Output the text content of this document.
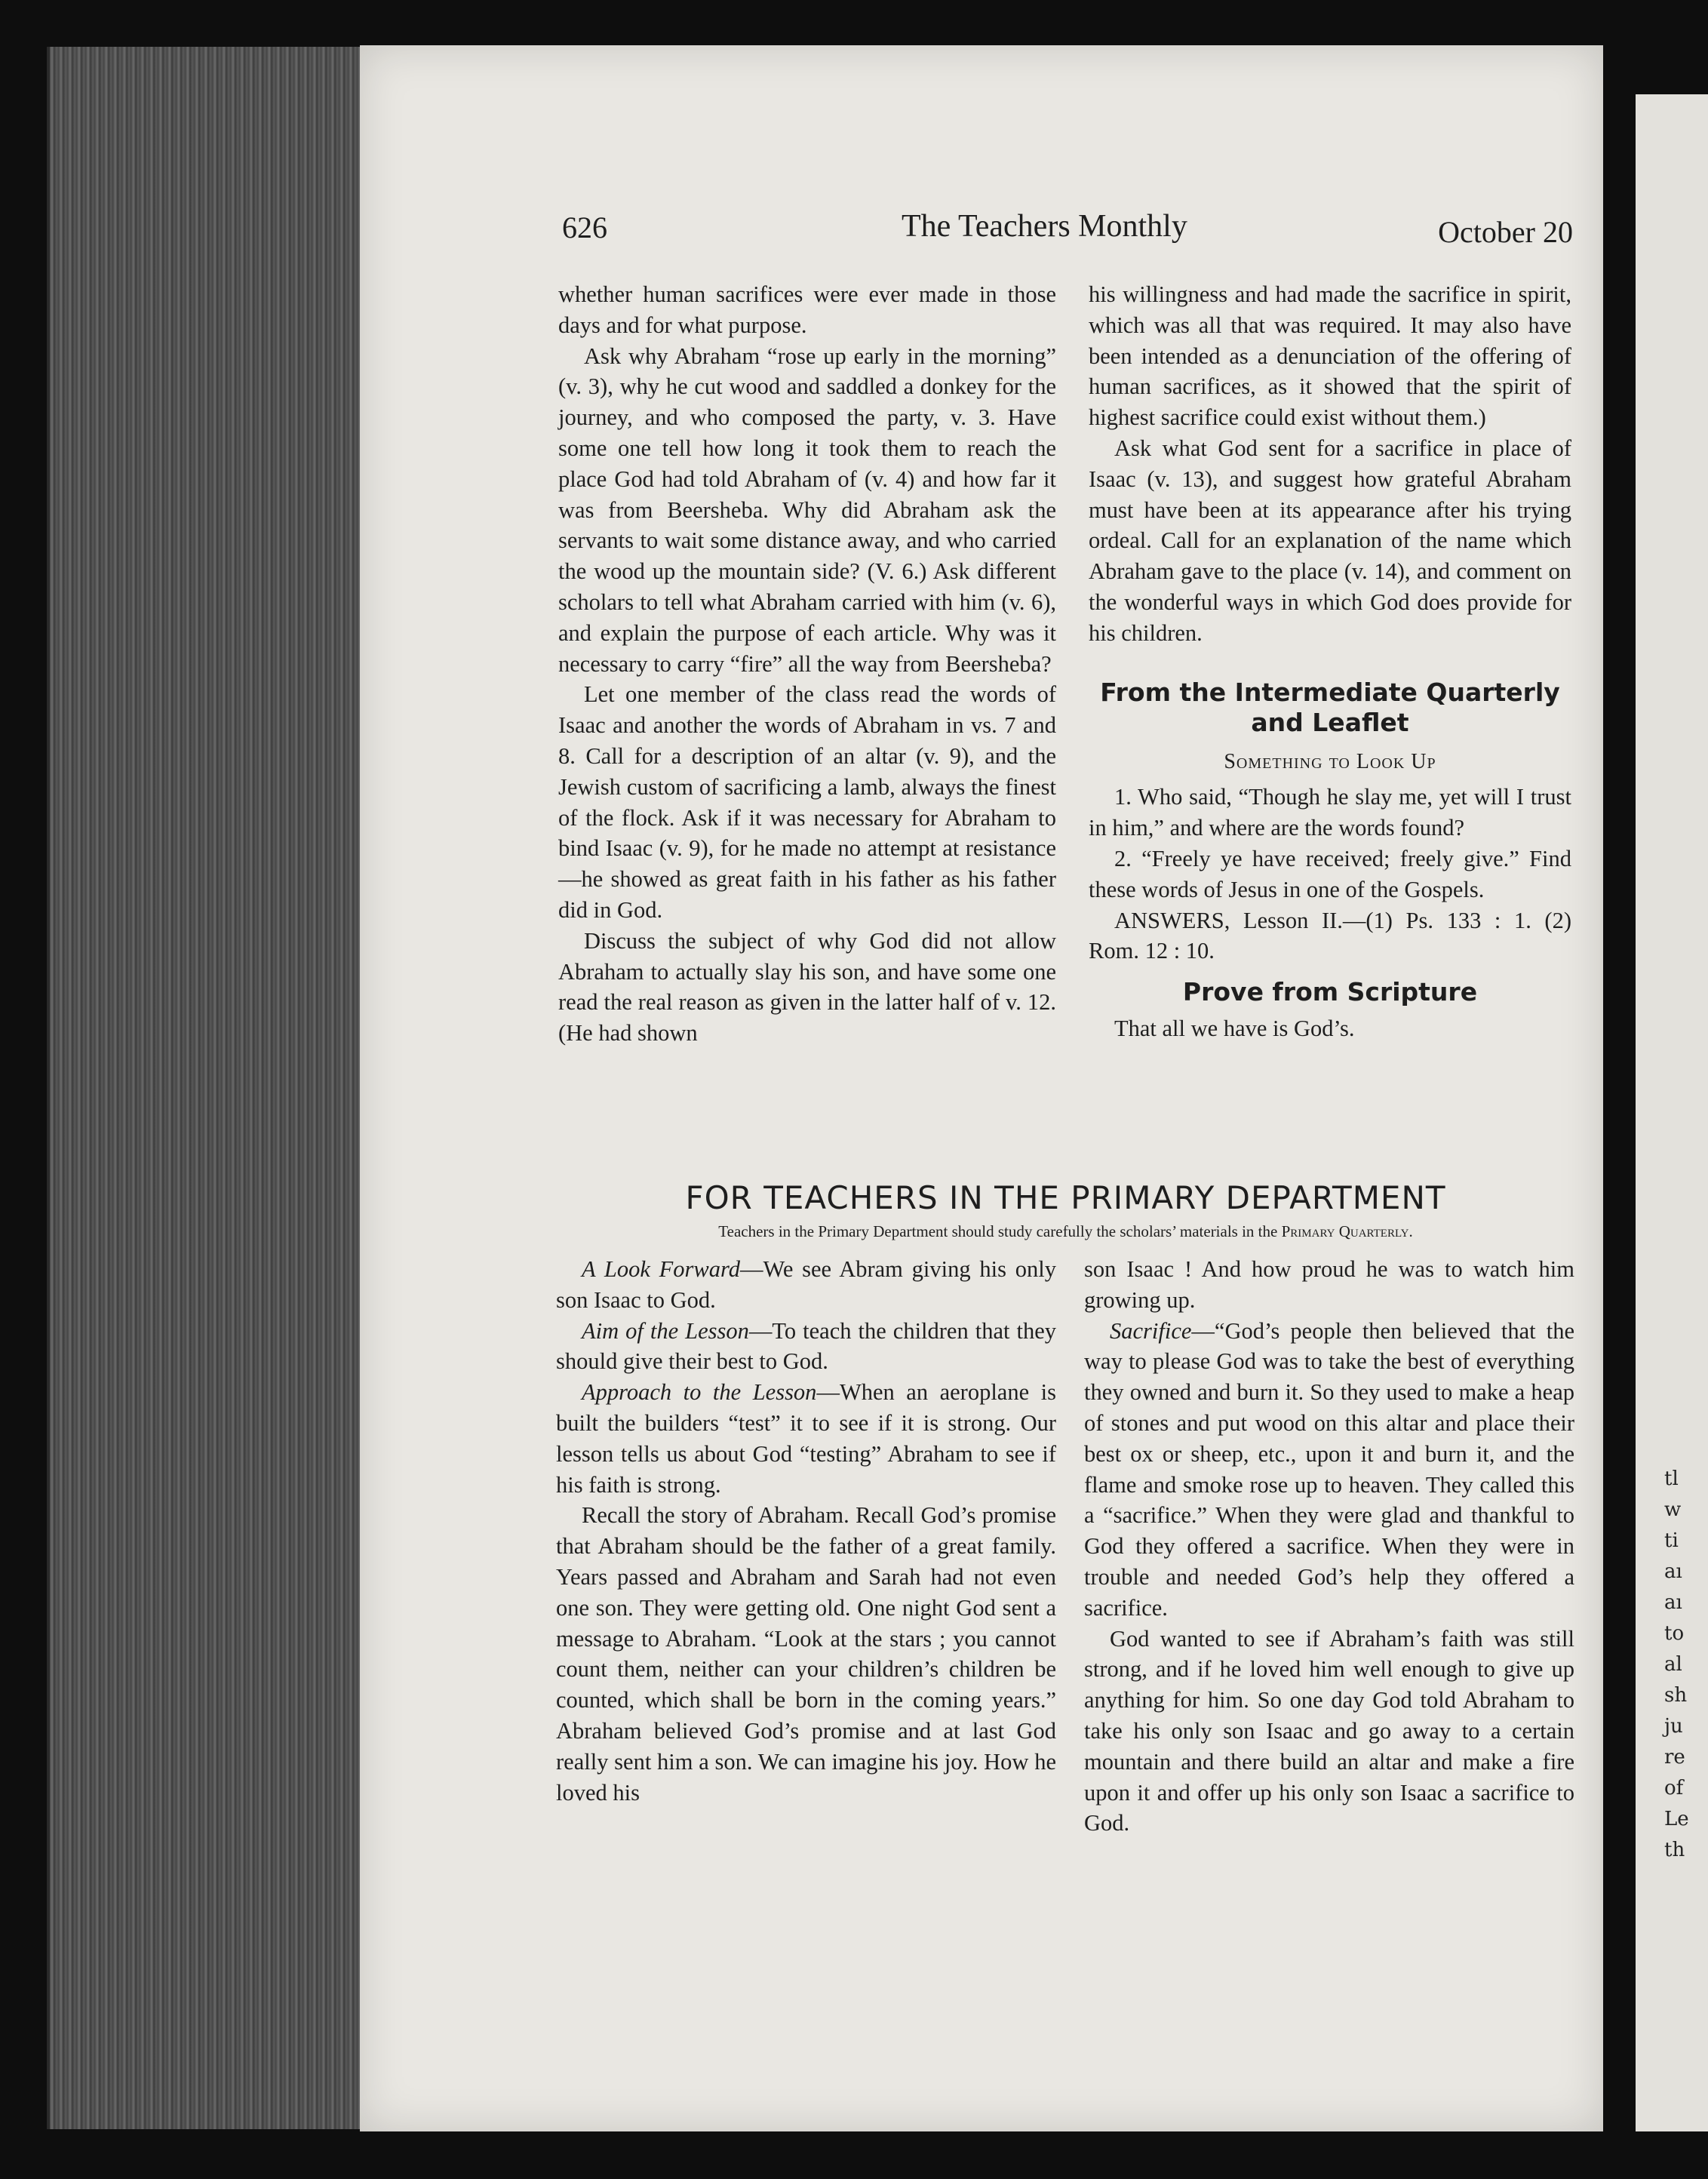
tl
w
ti
aı
aı
to
al
sh
ju
re
of
Le
th
626	The Teachers Monthly	October 20

whether human sacrifices were ever made in those days and for what purpose.

Ask why Abraham “rose up early in the morning” (v. 3), why he cut wood and saddled a donkey for the journey, and who composed the party, v. 3. Have some one tell how long it took them to reach the place God had told Abraham of (v. 4) and how far it was from Beersheba. Why did Abraham ask the servants to wait some distance away, and who carried the wood up the mountain side? (V. 6.) Ask different scholars to tell what Abraham carried with him (v. 6), and explain the purpose of each article. Why was it necessary to carry “fire” all the way from Beersheba?

Let one member of the class read the words of Isaac and another the words of Abraham in vs. 7 and 8. Call for a description of an altar (v. 9), and the Jewish custom of sacrificing a lamb, always the finest of the flock. Ask if it was necessary for Abraham to bind Isaac (v. 9), for he made no attempt at resistance—he showed as great faith in his father as his father did in God.

Discuss the subject of why God did not allow Abraham to actually slay his son, and have some one read the real reason as given in the latter half of v. 12. (He had shown

his willingness and had made the sacrifice in spirit, which was all that was required. It may also have been intended as a denunciation of the offering of human sacrifices, as it showed that the spirit of highest sacrifice could exist without them.)

Ask what God sent for a sacrifice in place of Isaac (v. 13), and suggest how grateful Abraham must have been at its appearance after his trying ordeal. Call for an explanation of the name which Abraham gave to the place (v. 14), and comment on the wonderful ways in which God does provide for his children.

From the Intermediate Quarterly and Leaflet
Something to Look Up

1. Who said, “Though he slay me, yet will I trust in him,” and where are the words found?

2. “Freely ye have received; freely give.” Find these words of Jesus in one of the Gospels.

ANSWERS, Lesson II.—(1) Ps. 133 : 1. (2) Rom. 12 : 10.

Prove from Scripture

That all we have is God’s.

FOR TEACHERS IN THE PRIMARY DEPARTMENT
Teachers in the Primary Department should study carefully the scholars’ materials in the Primary Quarterly.

A Look Forward—We see Abram giving his only son Isaac to God.

Aim of the Lesson—To teach the children that they should give their best to God.

Approach to the Lesson—When an aeroplane is built the builders “test” it to see if it is strong. Our lesson tells us about God “testing” Abraham to see if his faith is strong.

Recall the story of Abraham. Recall God’s promise that Abraham should be the father of a great family. Years passed and Abraham and Sarah had not even one son. They were getting old. One night God sent a message to Abraham. “Look at the stars ; you cannot count them, neither can your children’s children be counted, which shall be born in the coming years.” Abraham believed God’s promise and at last God really sent him a son. We can imagine his joy. How he loved his

son Isaac ! And how proud he was to watch him growing up.

Sacrifice—“God’s people then believed that the way to please God was to take the best of everything they owned and burn it. So they used to make a heap of stones and put wood on this altar and place their best ox or sheep, etc., upon it and burn it, and the flame and smoke rose up to heaven. They called this a “sacrifice.” When they were glad and thankful to God they offered a sacrifice. When they were in trouble and needed God’s help they offered a sacrifice.

God wanted to see if Abraham’s faith was still strong, and if he loved him well enough to give up anything for him. So one day God told Abraham to take his only son Isaac and go away to a certain mountain and there build an altar and make a fire upon it and offer up his only son Isaac a sacrifice to God.
